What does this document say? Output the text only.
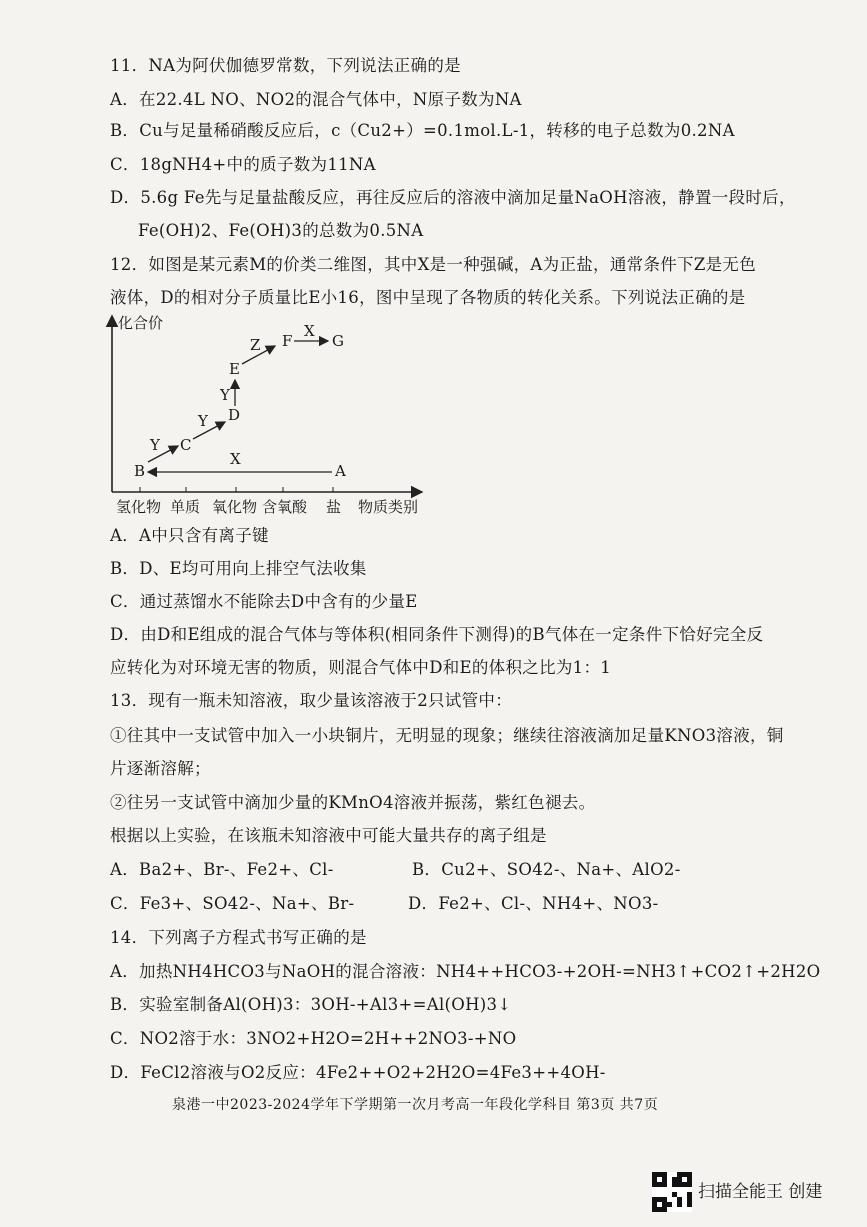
11．NA为阿伏伽德罗常数，下列说法正确的是
A．在22.4L NO、NO2的混合气体中，N原子数为NA
B．Cu与足量稀硝酸反应后，c（Cu2+）=0.1mol.L-1，转移的电子总数为0.2NA
C．18gNH4+中的质子数为11NA
D．5.6g Fe先与足量盐酸反应，再往反应后的溶液中滴加足量NaOH溶液，静置一段时后，
Fe(OH)2、Fe(OH)3的总数为0.5NA
12．如图是某元素M的价类二维图，其中X是一种强碱，A为正盐，通常条件下Z是无色
液体，D的相对分子质量比E小16，图中呈现了各物质的转化关系。下列说法正确的是
B
C
D
E
F	G
A
Y
Y
Y
Z
X
X
化合价
氢化物 单质 氧化物 含氧酸 盐 物质类别
A．A中只含有离子键
B．D、E均可用向上排空气法收集
C．通过蒸馏水不能除去D中含有的少量E
D．由D和E组成的混合气体与等体积(相同条件下测得)的B气体在一定条件下恰好完全反
应转化为对环境无害的物质，则混合气体中D和E的体积之比为1：1
13．现有一瓶未知溶液，取少量该溶液于2只试管中：
①往其中一支试管中加入一小块铜片，无明显的现象；继续往溶液滴加足量KNO3溶液，铜
片逐渐溶解；
②往另一支试管中滴加少量的KMnO4溶液并振荡，紫红色褪去。
根据以上实验，在该瓶未知溶液中可能大量共存的离子组是
A．Ba2+、Br-、Fe2+、Cl-	B．Cu2+、SO42-、Na+、AlO2-
C．Fe3+、SO42-、Na+、Br-	D．Fe2+、Cl-、NH4+、NO3-
14．下列离子方程式书写正确的是
A．加热NH4HCO3与NaOH的混合溶液：NH4++HCO3-+2OH-=NH3↑+CO2↑+2H2O
B．实验室制备Al(OH)3：3OH-+Al3+=Al(OH)3↓
C．NO2溶于水：3NO2+H2O=2H++2NO3-+NO
D．FeCl2溶液与O2反应：4Fe2++O2+2H2O=4Fe3++4OH-
泉港一中2023-2024学年下学期第一次月考高一年段化学科目 第3页 共7页
扫描全能王 创建
